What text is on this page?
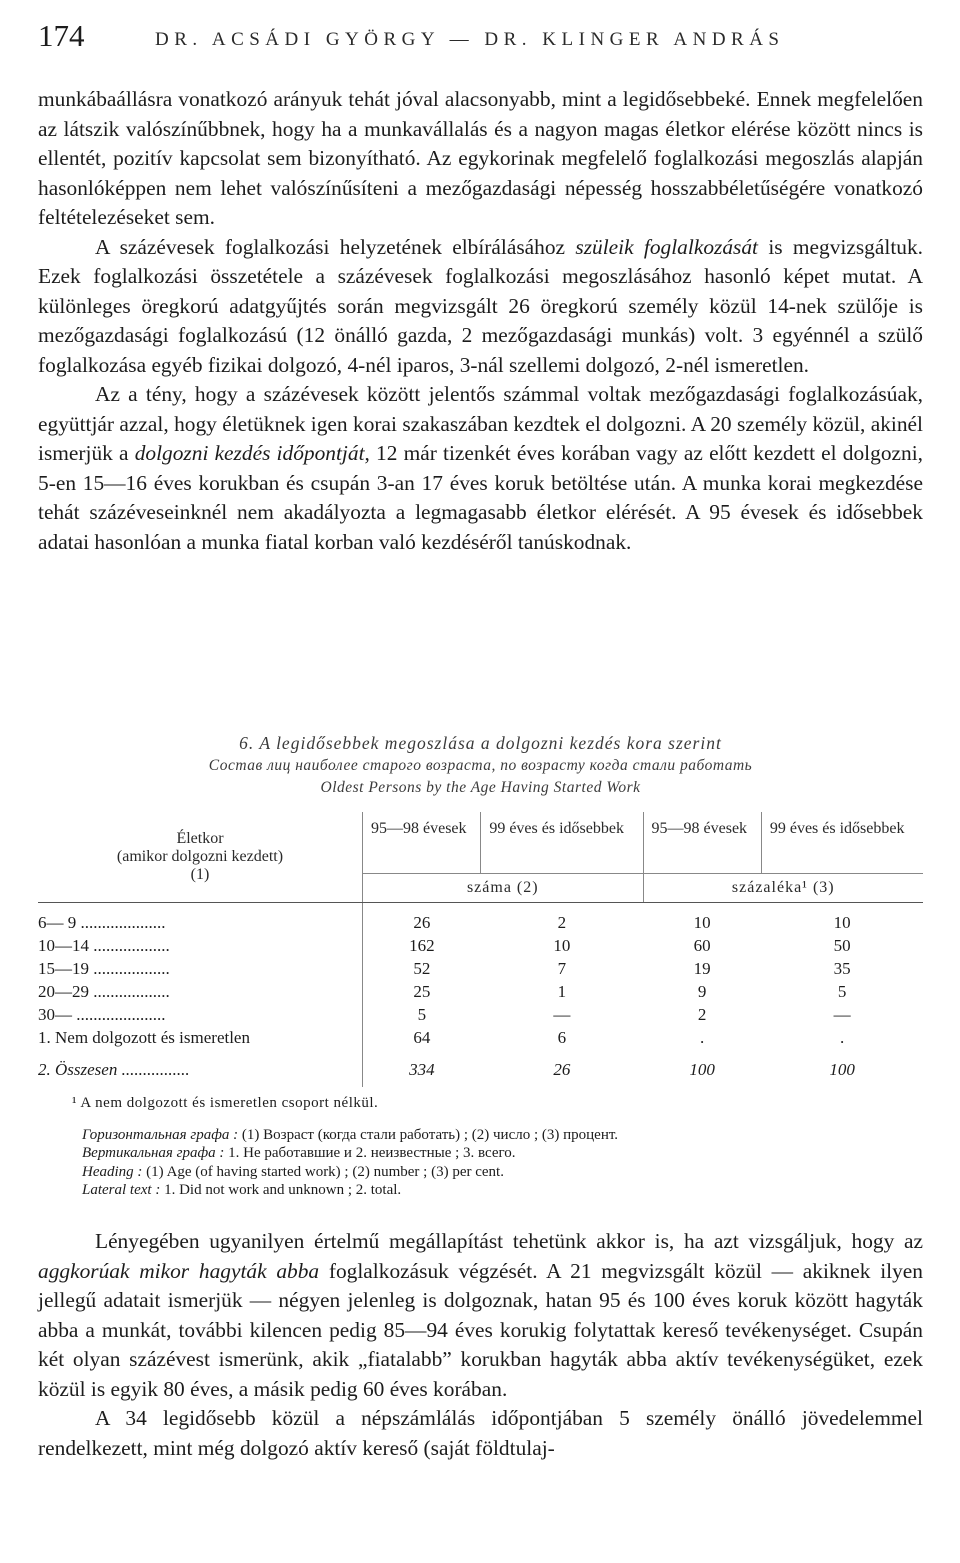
174	DR. ACSÁDI GYÖRGY — DR. KLINGER ANDRÁS

munkábaállásra vonatkozó arányuk tehát jóval alacsonyabb, mint a legidősebbeké. Ennek megfelelően az látszik valószínűbbnek, hogy ha a munkavállalás és a nagyon magas életkor elérése között nincs is ellentét, pozitív kapcsolat sem bizonyítható. Az egykorinak megfelelő foglalkozási megoszlás alapján hasonlóképpen nem lehet valószínűsíteni a mezőgazdasági népesség hosszabbéletűségére vonatkozó feltételezéseket sem.

A százévesek foglalkozási helyzetének elbírálásához szüleik foglalkozását is megvizsgáltuk. Ezek foglalkozási összetétele a százévesek foglalkozási megoszlásához hasonló képet mutat. A különleges öregkorú adatgyűjtés során megvizsgált 26 öregkorú személy közül 14-nek szülője is mezőgazdasági foglalkozású (12 önálló gazda, 2 mezőgazdasági munkás) volt. 3 egyénnél a szülő foglalkozása egyéb fizikai dolgozó, 4-nél iparos, 3-nál szellemi dolgozó, 2-nél ismeretlen.

Az a tény, hogy a százévesek között jelentős számmal voltak mezőgazdasági foglalkozásúak, együttjár azzal, hogy életüknek igen korai szakaszában kezdtek el dolgozni. A 20 személy közül, akinél ismerjük a dolgozni kezdés időpontját, 12 már tizenkét éves korában vagy az előtt kezdett el dolgozni, 5-en 15—16 éves korukban és csupán 3-an 17 éves koruk betöltése után. A munka korai megkezdése tehát százéveseinknél nem akadályozta a legmagasabb életkor elérését. A 95 évesek és idősebbek adatai hasonlóan a munka fiatal korban való kezdéséről tanúskodnak.

6. A legidősebbek megoszlása a dolgozni kezdés kora szerint
Состав лиц наиболее старого возраста, по возрасту когда стали работать
Oldest Persons by the Age Having Started Work
Életkor
(amikor dolgozni kezdett)
(1)	95—98 évesek	99 éves és idősebbek	95—98 évesek	99 éves és idősebbek
	száma (2)		százaléka¹ (3)	
6— 9 ....................	26	2	10	10
10—14 ..................	162	10	60	50
15—19 ..................	52	7	19	35
20—29 ..................	25	1	9	5
30— .....................	5	—	2	—
1. Nem dolgozott és ismeretlen	64	6	.	.
2. Összesen ................	334	26	100	100
¹ A nem dolgozott és ismeretlen csoport nélkül.
Горизонтальная графа : (1) Возраст (когда стали работать) ; (2) число ; (3) процент.
Вертикальная графа : 1. Не работавшие и 2. неизвестные ; 3. всего.
Heading : (1) Age (of having started work) ; (2) number ; (3) per cent.
Lateral text : 1. Did not work and unknown ; 2. total.

Lényegében ugyanilyen értelmű megállapítást tehetünk akkor is, ha azt vizsgáljuk, hogy az aggkorúak mikor hagyták abba foglalkozásuk végzését. A 21 megvizsgált közül — akiknek ilyen jellegű adatait ismerjük — négyen jelenleg is dolgoznak, hatan 95 és 100 éves koruk között hagyták abba a munkát, további kilencen pedig 85—94 éves korukig folytattak kereső tevékenységet. Csupán két olyan százévest ismerünk, akik „fiatalabb” korukban hagyták abba aktív tevékenységüket, ezek közül is egyik 80 éves, a másik pedig 60 éves korában.

A 34 legidősebb közül a népszámlálás időpontjában 5 személy önálló jövedelemmel rendelkezett, mint még dolgozó aktív kereső (saját földtulaj-
